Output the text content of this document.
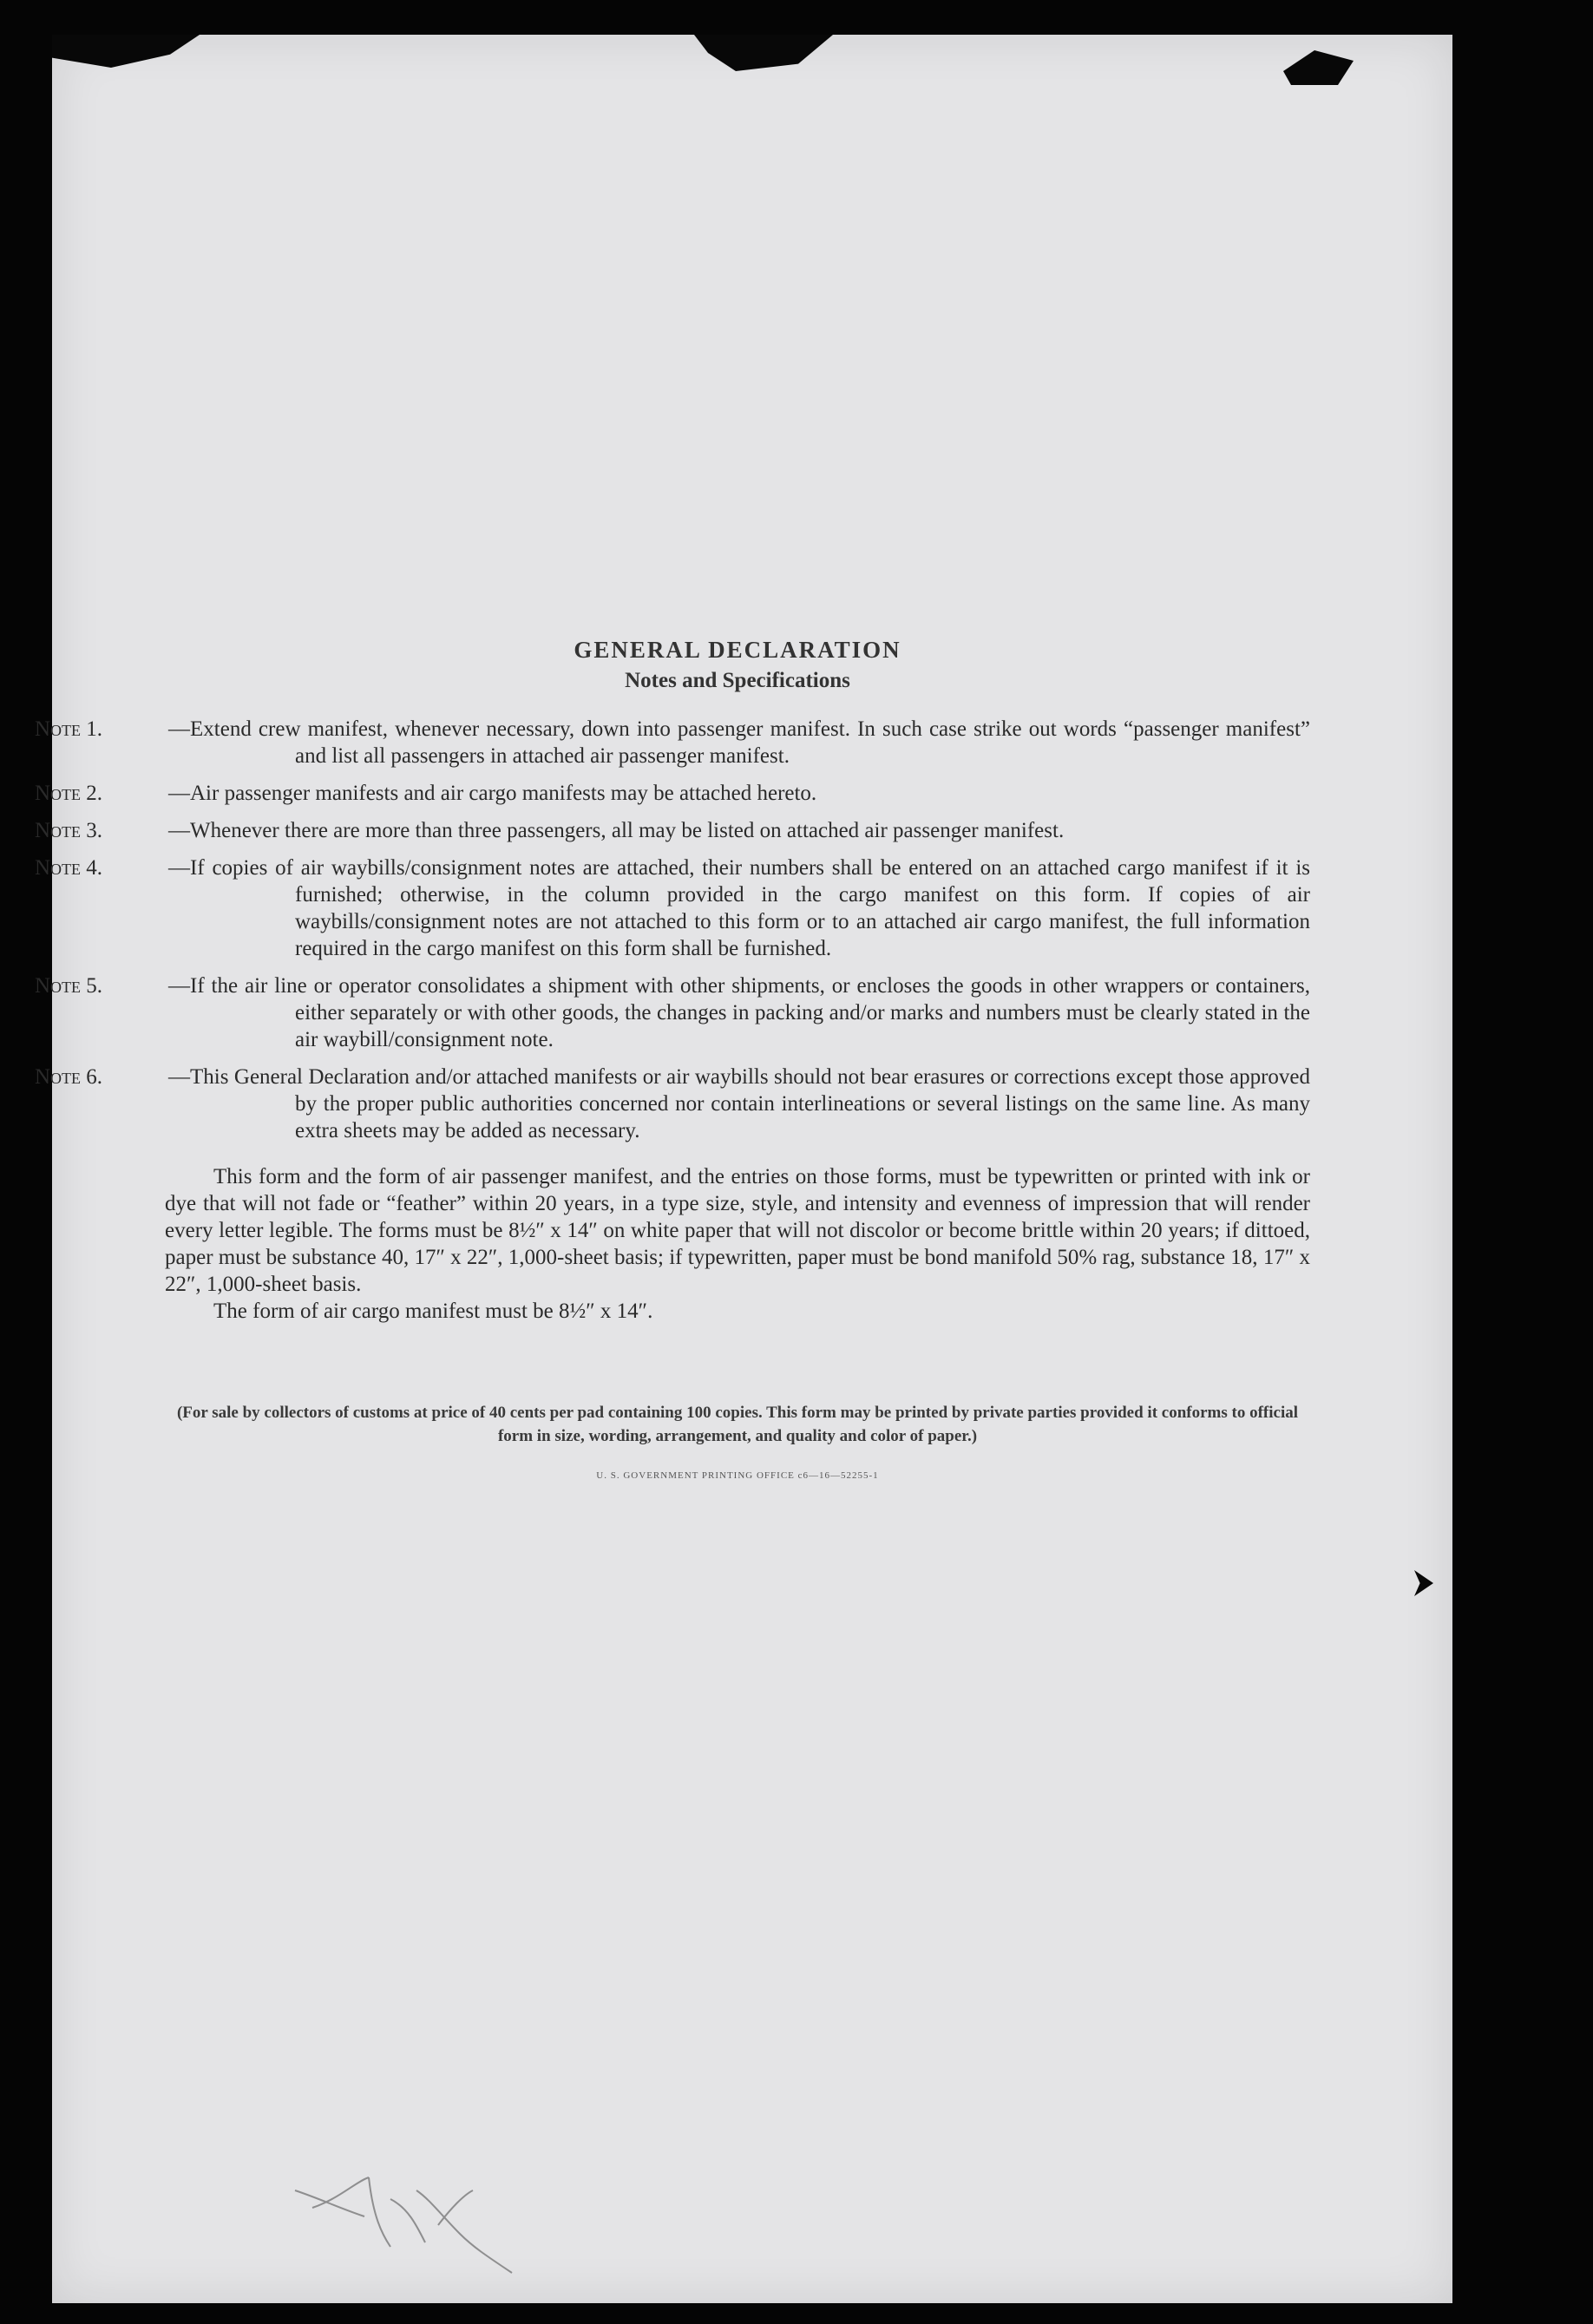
GENERAL DECLARATION
Notes and Specifications
—Extend crew manifest, whenever necessary, down into passenger manifest. In such case strike out words “passenger manifest” and list all passengers in attached air passenger manifest.
—Air passenger manifests and air cargo manifests may be attached hereto.
—Whenever there are more than three passengers, all may be listed on attached air passenger manifest.
—If copies of air waybills/consignment notes are attached, their numbers shall be entered on an attached cargo manifest if it is furnished; otherwise, in the column provided in the cargo manifest on this form. If copies of air waybills/consignment notes are not attached to this form or to an attached air cargo manifest, the full information required in the cargo manifest on this form shall be furnished.
—If the air line or operator consolidates a shipment with other shipments, or encloses the goods in other wrappers or containers, either separately or with other goods, the changes in packing and/or marks and numbers must be clearly stated in the air waybill/consignment note.
—This General Declaration and/or attached manifests or air waybills should not bear erasures or corrections except those approved by the proper public authorities concerned nor contain interlineations or several listings on the same line. As many extra sheets may be added as necessary.
This form and the form of air passenger manifest, and the entries on those forms, must be typewritten or printed with ink or dye that will not fade or “feather” within 20 years, in a type size, style, and intensity and evenness of impression that will render every letter legible. The forms must be 8½″ x 14″ on white paper that will not discolor or become brittle within 20 years; if dittoed, paper must be substance 40, 17″ x 22″, 1,000-sheet basis; if typewritten, paper must be bond manifold 50% rag, substance 18, 17″ x 22″, 1,000-sheet basis.
The form of air cargo manifest must be 8½″ x 14″.
(For sale by collectors of customs at price of 40 cents per pad containing 100 copies. This form may be printed by private parties provided it conforms to official form in size, wording, arrangement, and quality and color of paper.)
U. S. GOVERNMENT PRINTING OFFICE c6—16—52255-1
